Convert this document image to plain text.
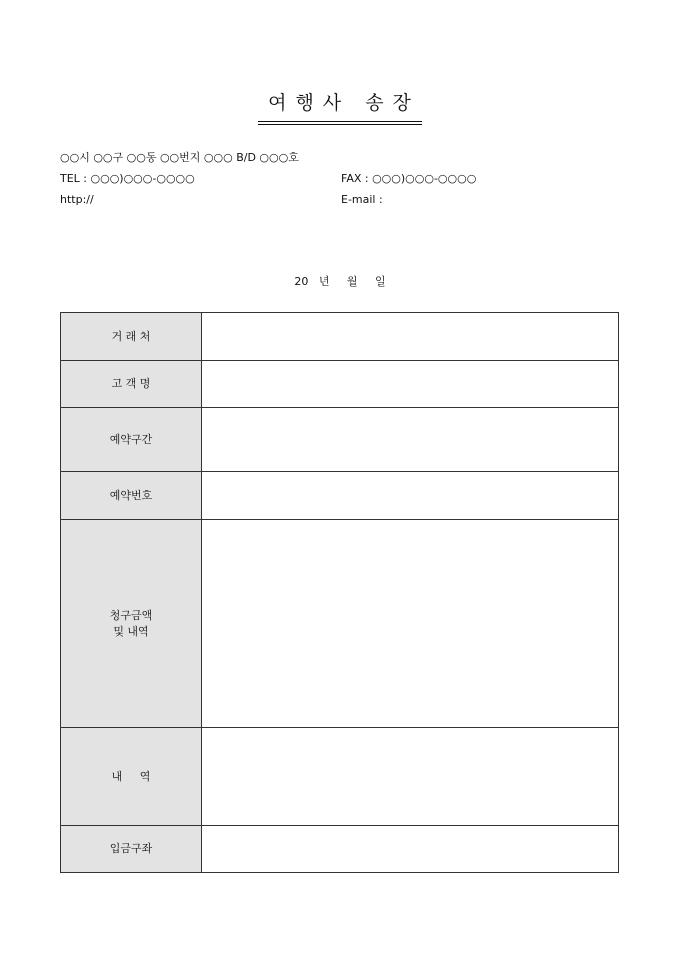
여행사 송장
○○시 ○○구 ○○동 ○○번지 ○○○ B/D ○○○호
TEL : ○○○)○○○-○○○○	FAX : ○○○)○○○-○○○○
http://	E-mail :
20   년     월     일
거 래 처	
고 객 명	
예약구간	
예약번호	
청구금액
및 내역	
내     역	
입금구좌	
